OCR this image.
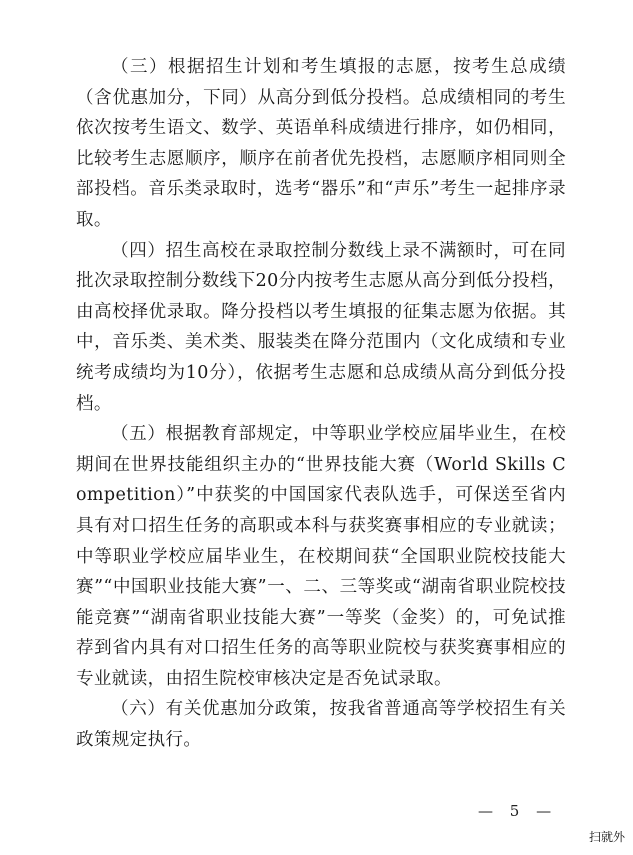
（三）根据招生计划和考生填报的志愿，按考生总成绩（含优惠加分，下同）从高分到低分投档。总成绩相同的考生依次按考生语文、数学、英语单科成绩进行排序，如仍相同，比较考生志愿顺序，顺序在前者优先投档，志愿顺序相同则全部投档。音乐类录取时，选考“器乐”和“声乐”考生一起排序录取。

（四）招生高校在录取控制分数线上录不满额时，可在同批次录取控制分数线下20分内按考生志愿从高分到低分投档，由高校择优录取。降分投档以考生填报的征集志愿为依据。其中，音乐类、美术类、服装类在降分范围内（文化成绩和专业统考成绩均为10分），依据考生志愿和总成绩从高分到低分投档。

（五）根据教育部规定，中等职业学校应届毕业生，在校期间在世界技能组织主办的“世界技能大赛（World Skills Competition）”中获奖的中国国家代表队选手，可保送至省内具有对口招生任务的高职或本科与获奖赛事相应的专业就读；中等职业学校应届毕业生，在校期间获“全国职业院校技能大赛”“中国职业技能大赛”一、二、三等奖或“湖南省职业院校技能竞赛”“湖南省职业技能大赛”一等奖（金奖）的，可免试推荐到省内具有对口招生任务的高等职业院校与获奖赛事相应的专业就读，由招生院校审核决定是否免试录取。

（六）有关优惠加分政策，按我省普通高等学校招生有关政策规定执行。

— 5 —
扫就外
